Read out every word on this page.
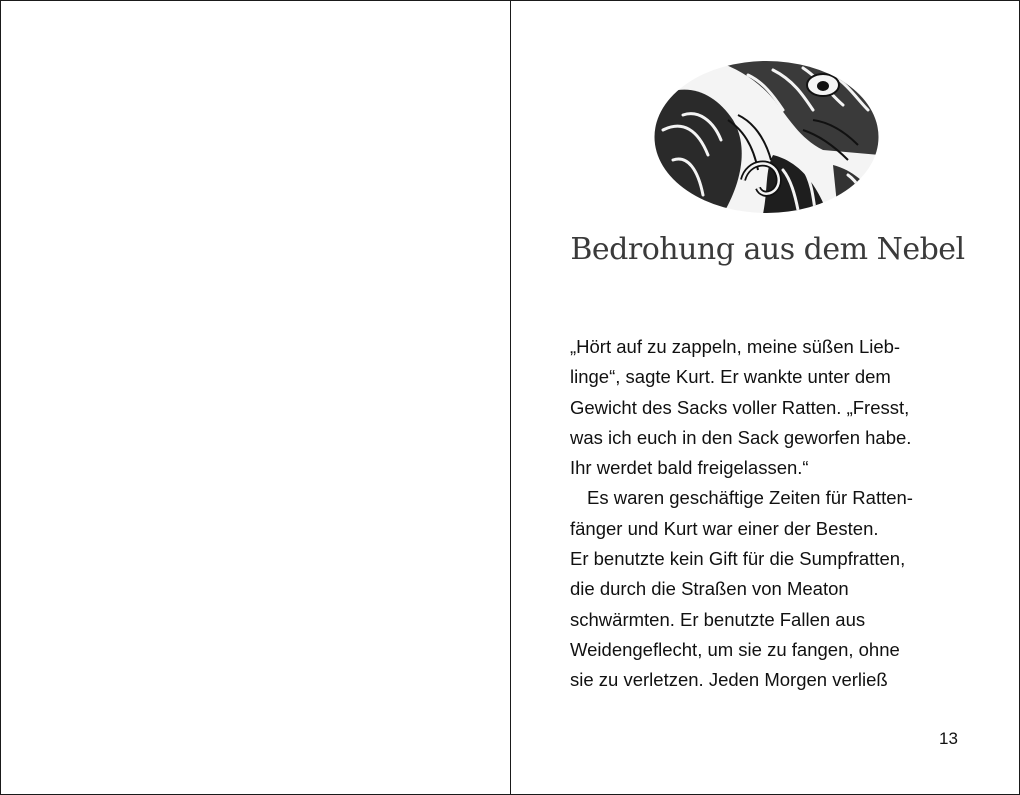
Bedrohung aus dem Nebel
„Hört auf zu zappeln, meine süßen Lieb-
linge“, sagte Kurt. Er wankte unter dem
Gewicht des Sacks voller Ratten. „Fresst,
was ich euch in den Sack geworfen habe.
Ihr werdet bald freigelassen.“
Es waren geschäftige Zeiten für Ratten-
fänger und Kurt war einer der Besten.
Er benutzte kein Gift für die Sumpfratten,
die durch die Straßen von Meaton
schwärmten. Er benutzte Fallen aus
Weidengeflecht, um sie zu fangen, ohne
sie zu verletzen. Jeden Morgen verließ
13
